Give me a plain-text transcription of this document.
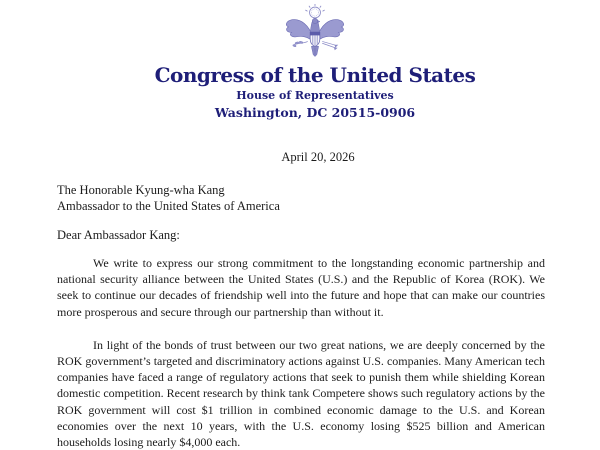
Congress of the United States
House of Representatives
Washington, DC 20515-0906
April 20, 2026
The Honorable Kyung-wha Kang
Ambassador to the United States of America
Dear Ambassador Kang:

We write to express our strong commitment to the longstanding economic partnership and national security alliance between the United States (U.S.) and the Republic of Korea (ROK). We seek to continue our decades of friendship well into the future and hope that can make our countries more prosperous and secure through our partnership than without it.

In light of the bonds of trust between our two great nations, we are deeply concerned by the ROK government’s targeted and discriminatory actions against U.S. companies. Many American tech companies have faced a range of regulatory actions that seek to punish them while shielding Korean domestic competition. Recent research by think tank Competere shows such regulatory actions by the ROK government will cost $1 trillion in combined economic damage to the U.S. and Korean economies over the next 10 years, with the U.S. economy losing $525 billion and American households losing nearly $4,000 each.
